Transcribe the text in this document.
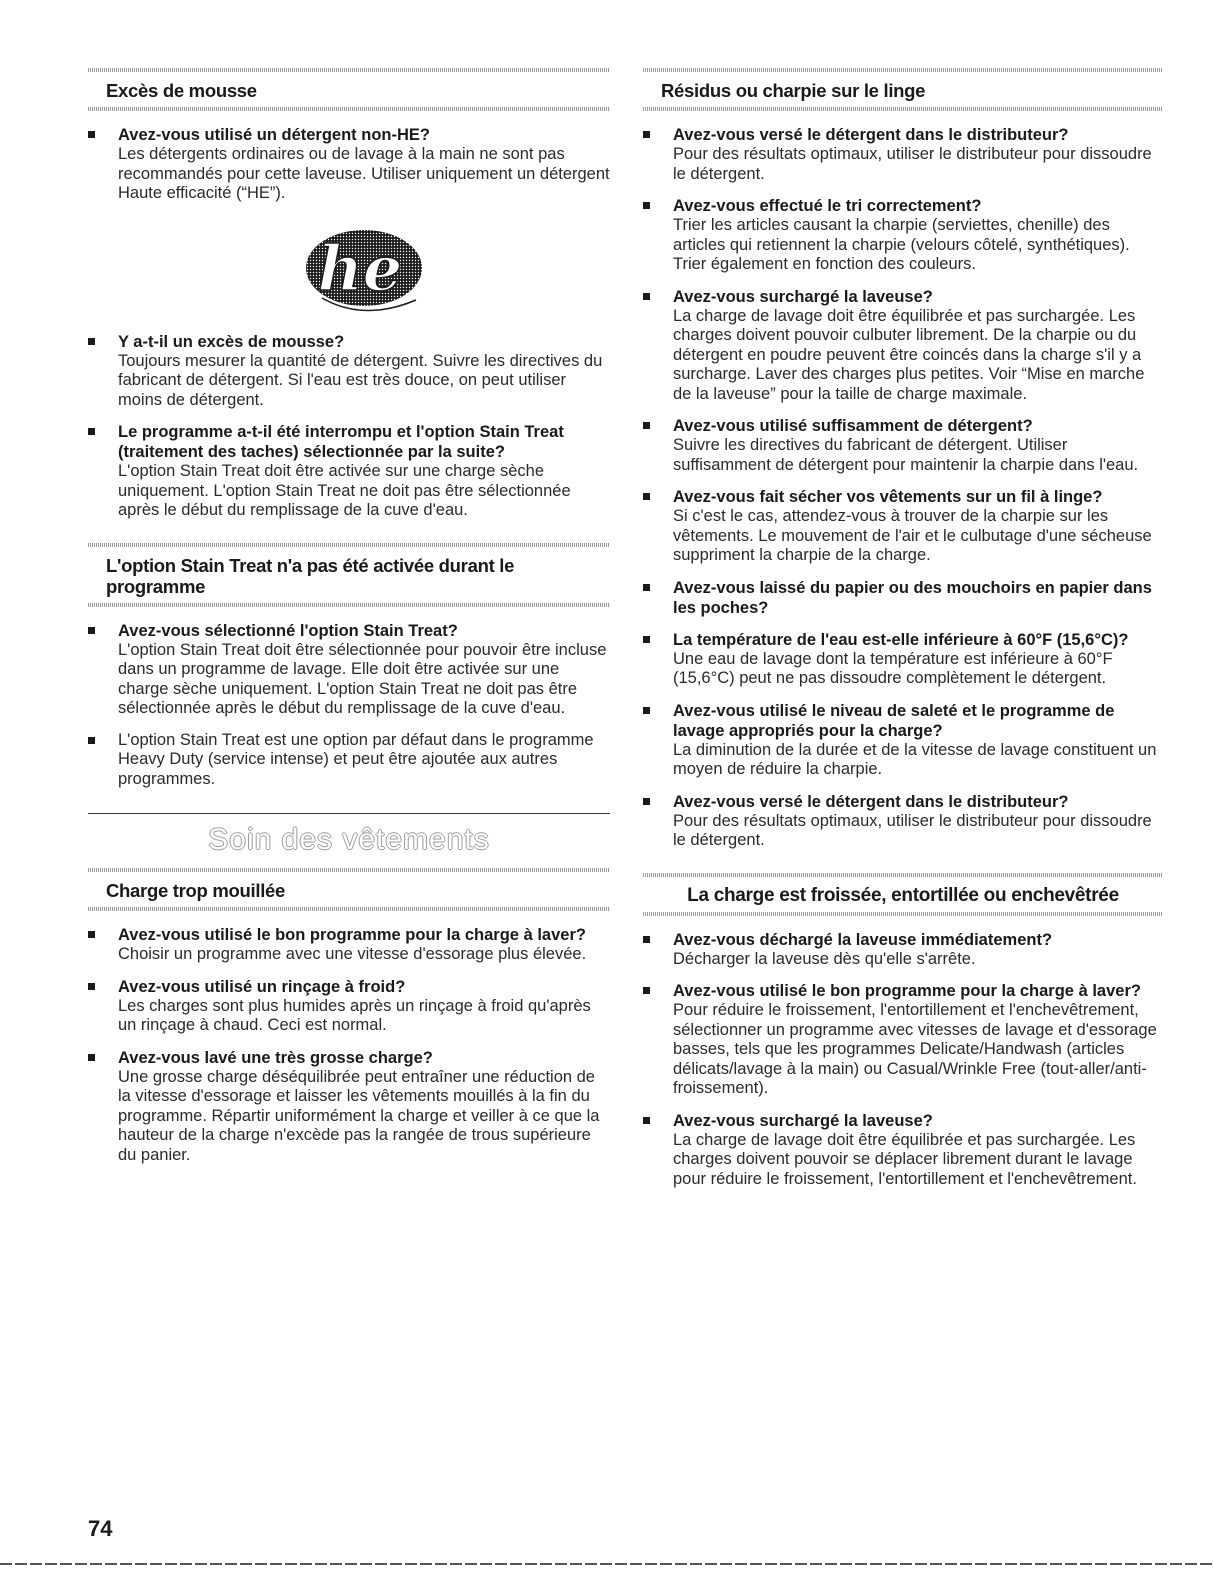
Excès de mousse
Avez-vous utilisé un détergent non-HE?
Les détergents ordinaires ou de lavage à la main ne sont pas recommandés pour cette laveuse. Utiliser uniquement un détergent Haute efficacité (“HE”).
he
Y a-t-il un excès de mousse?
Toujours mesurer la quantité de détergent. Suivre les directives du fabricant de détergent. Si l'eau est très douce, on peut utiliser moins de détergent.
Le programme a-t-il été interrompu et l'option Stain Treat (traitement des taches) sélectionnée par la suite?
L'option Stain Treat doit être activée sur une charge sèche uniquement. L'option Stain Treat ne doit pas être sélectionnée après le début du remplissage de la cuve d'eau.
L'option Stain Treat n'a pas été activée durant le programme
Avez-vous sélectionné l'option Stain Treat?
L'option Stain Treat doit être sélectionnée pour pouvoir être incluse dans un programme de lavage. Elle doit être activée sur une charge sèche uniquement. L'option Stain Treat ne doit pas être sélectionnée après le début du remplissage de la cuve d'eau.
L'option Stain Treat est une option par défaut dans le programme Heavy Duty (service intense) et peut être ajoutée aux autres programmes.
Soin des vêtements
Charge trop mouillée
Avez-vous utilisé le bon programme pour la charge à laver?
Choisir un programme avec une vitesse d'essorage plus élevée.
Avez-vous utilisé un rinçage à froid?
Les charges sont plus humides après un rinçage à froid qu'après un rinçage à chaud. Ceci est normal.
Avez-vous lavé une très grosse charge?
Une grosse charge déséquilibrée peut entraîner une réduction de la vitesse d'essorage et laisser les vêtements mouillés à la fin du programme. Répartir uniformément la charge et veiller à ce que la hauteur de la charge n'excède pas la rangée de trous supérieure du panier.
Résidus ou charpie sur le linge
Avez-vous versé le détergent dans le distributeur?
Pour des résultats optimaux, utiliser le distributeur pour dissoudre le détergent.
Avez-vous effectué le tri correctement?
Trier les articles causant la charpie (serviettes, chenille) des articles qui retiennent la charpie (velours côtelé, synthétiques). Trier également en fonction des couleurs.
Avez-vous surchargé la laveuse?
La charge de lavage doit être équilibrée et pas surchargée. Les charges doivent pouvoir culbuter librement. De la charpie ou du détergent en poudre peuvent être coincés dans la charge s'il y a surcharge. Laver des charges plus petites. Voir “Mise en marche de la laveuse” pour la taille de charge maximale.
Avez-vous utilisé suffisamment de détergent?
Suivre les directives du fabricant de détergent. Utiliser suffisamment de détergent pour maintenir la charpie dans l'eau.
Avez-vous fait sécher vos vêtements sur un fil à linge?
Si c'est le cas, attendez-vous à trouver de la charpie sur les vêtements. Le mouvement de l'air et le culbutage d'une sécheuse suppriment la charpie de la charge.
Avez-vous laissé du papier ou des mouchoirs en papier dans les poches?
La température de l'eau est-elle inférieure à 60°F (15,6°C)?
Une eau de lavage dont la température est inférieure à 60°F (15,6°C) peut ne pas dissoudre complètement le détergent.
Avez-vous utilisé le niveau de saleté et le programme de lavage appropriés pour la charge?
La diminution de la durée et de la vitesse de lavage constituent un moyen de réduire la charpie.
Avez-vous versé le détergent dans le distributeur?
Pour des résultats optimaux, utiliser le distributeur pour dissoudre le détergent.
La charge est froissée, entortillée ou enchevêtrée
Avez-vous déchargé la laveuse immédiatement?
Décharger la laveuse dès qu'elle s'arrête.
Avez-vous utilisé le bon programme pour la charge à laver?
Pour réduire le froissement, l'entortillement et l'enchevêtrement, sélectionner un programme avec vitesses de lavage et d'essorage basses, tels que les programmes Delicate/Handwash (articles délicats/lavage à la main) ou Casual/Wrinkle Free (tout-aller/anti-froissement).
Avez-vous surchargé la laveuse?
La charge de lavage doit être équilibrée et pas surchargée. Les charges doivent pouvoir se déplacer librement durant le lavage pour réduire le froissement, l'entortillement et l'enchevêtrement.
74
